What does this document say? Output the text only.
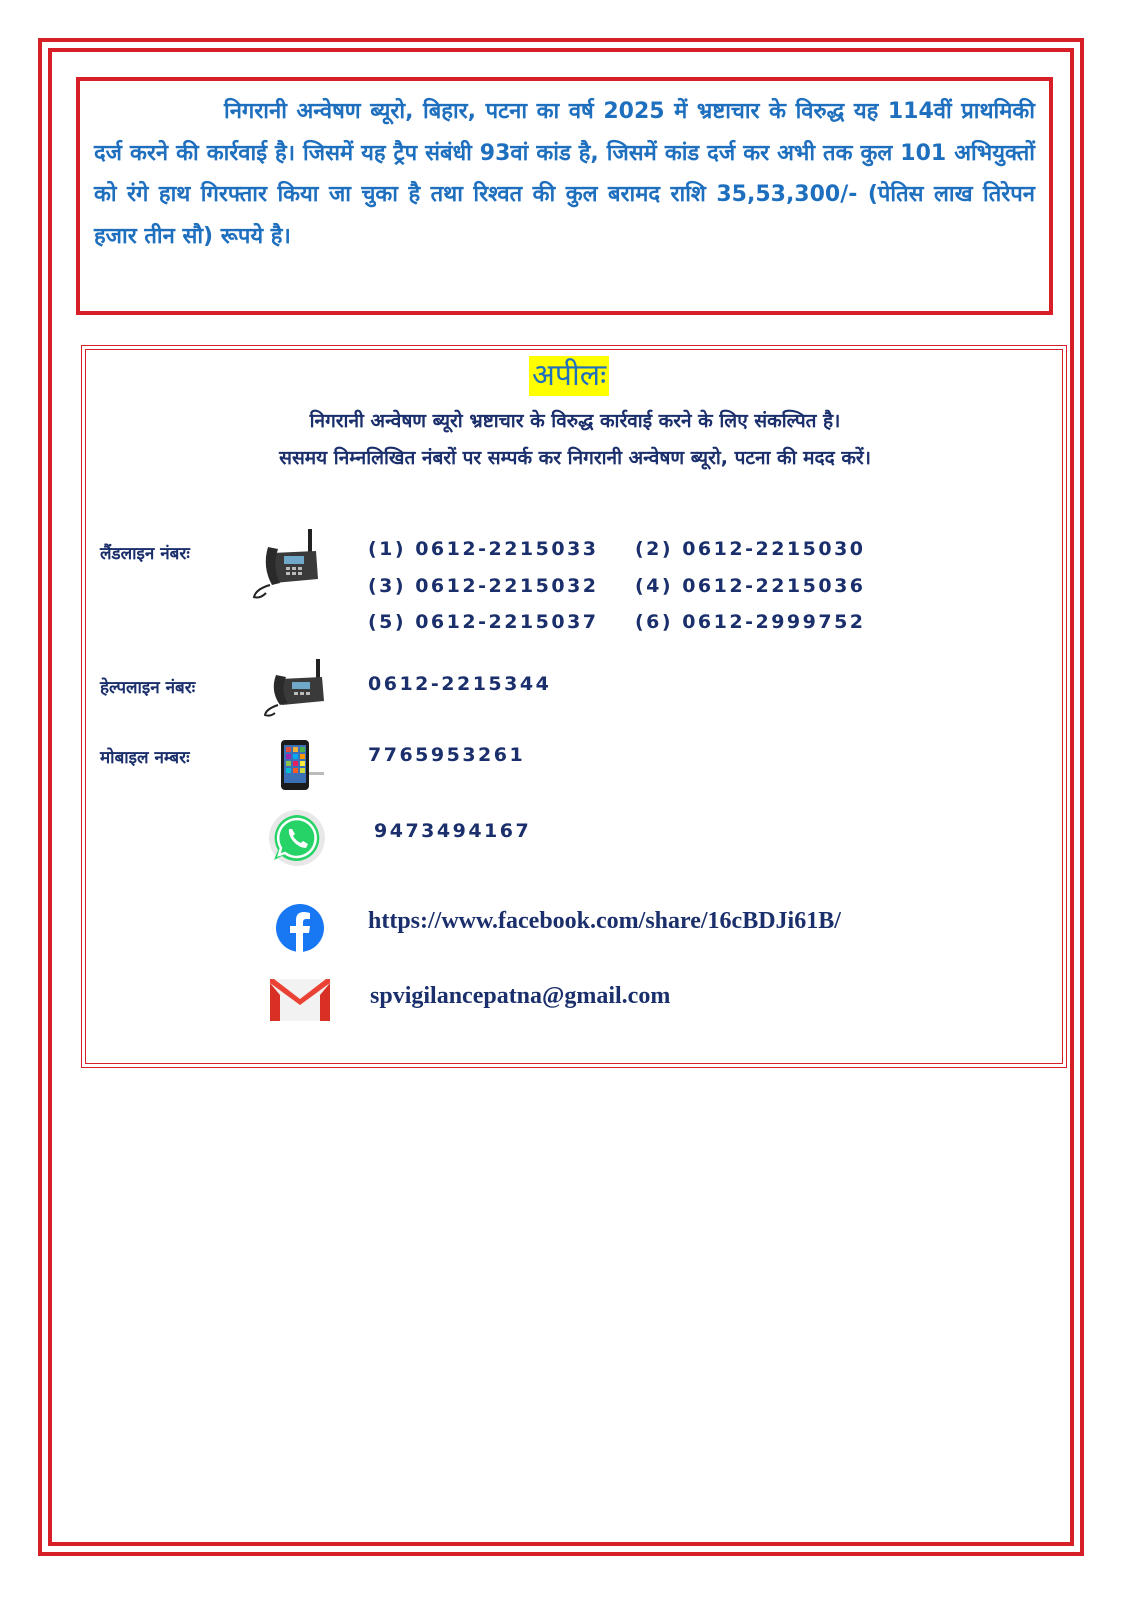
निगरानी अन्वेषण ब्यूरो, बिहार, पटना का वर्ष 2025 में भ्रष्टाचार के विरुद्ध यह 114वीं प्राथमिकी दर्ज करने की कार्रवाई है। जिसमें यह ट्रैप संबंधी 93वां कांड है, जिसमें कांड दर्ज कर अभी तक कुल 101 अभियुक्तों को रंगे हाथ गिरफ्तार किया जा चुका है तथा रिश्वत की कुल बरामद राशि 35,53,300/- (पेतिस लाख तिरेपन हजार तीन सौ) रूपये है।

अपीलः

निगरानी अन्वेषण ब्यूरो भ्रष्टाचार के विरुद्ध कार्रवाई करने के लिए संकल्पित है।

ससमय निम्नलिखित नंबरों पर सम्पर्क कर निगरानी अन्वेषण ब्यूरो, पटना की मदद करें।

लैंडलाइन नंबरः	(1) 0612-2215033 (2) 0612-2215030
(3) 0612-2215032 (4) 0612-2215036
(5) 0612-2215037 (6) 0612-2999752
हेल्पलाइन नंबरः	0612-2215344
मोबाइल नम्बरः	7765953261
9473494167
https://www.facebook.com/share/16cBDJi61B/
spvigilancepatna@gmail.com
